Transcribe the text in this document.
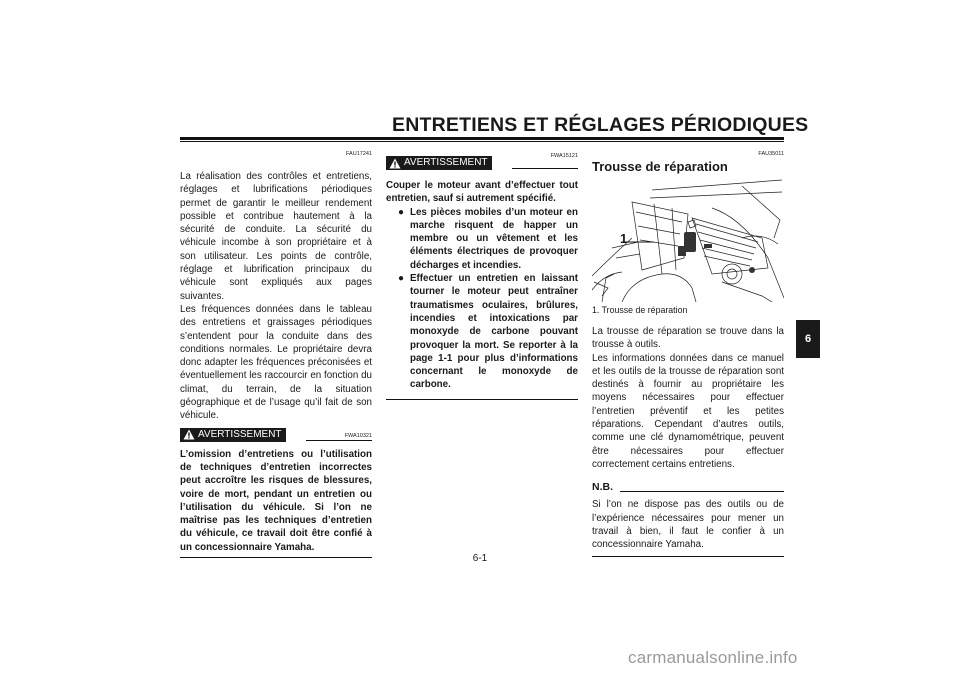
ENTRETIENS ET RÉGLAGES PÉRIODIQUES
FAU17241

La réalisation des contrôles et entretiens, réglages et lubrifications périodiques permet de garantir le meilleur rendement possible et contribue hautement à la sécurité de conduite. La sécurité du véhicule incombe à son propriétaire et à son utilisateur. Les points de contrôle, réglage et lubrification principaux du véhicule sont expliqués aux pages suivantes.

Les fréquences données dans le tableau des entretiens et graissages périodiques s’entendent pour la conduite dans des conditions normales. Le propriétaire devra donc adapter les fréquences préconisées et éventuellement les raccourcir en fonction du climat, du terrain, de la situation géographique et de l’usage qu’il fait de son véhicule.

FWA10321
AVERTISSEMENT
L’omission d’entretiens ou l’utilisation de techniques d’entretien incorrectes peut accroître les risques de blessures, voire de mort, pendant un entretien ou l’utilisation du véhicule. Si l’on ne maîtrise pas les techniques d’entretien du véhicule, ce travail doit être confié à un concessionnaire Yamaha.
FWA15121
AVERTISSEMENT
Couper le moteur avant d’effectuer tout entretien, sauf si autrement spécifié.
● Les pièces mobiles d’un moteur en marche risquent de happer un membre ou un vêtement et les éléments électriques de provoquer décharges et incendies.
● Effectuer un entretien en laissant tourner le moteur peut entraîner traumatismes oculaires, brûlures, incendies et intoxications par monoxyde de carbone pouvant provoquer la mort. Se reporter à la page 1-1 pour plus d’informations concernant le monoxyde de carbone.
FAU35011
Trousse de réparation
1
1. Trousse de réparation

La trousse de réparation se trouve dans la trousse à outils.

Les informations données dans ce manuel et les outils de la trousse de réparation sont destinés à fournir au propriétaire les moyens nécessaires pour effectuer l’entretien préventif et les petites réparations. Cependant d’autres outils, comme une clé dynamométrique, peuvent être nécessaires pour effectuer correctement certains entretiens.

N.B.
Si l’on ne dispose pas des outils ou de l’expérience nécessaires pour mener un travail à bien, il faut le confier à un concessionnaire Yamaha.
6-1
6
carmanualsonline.info
